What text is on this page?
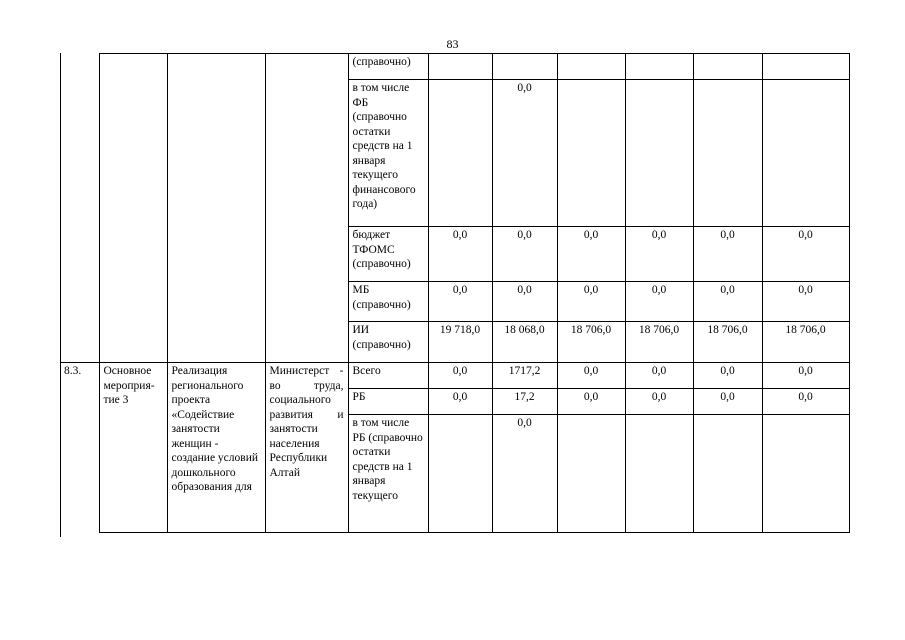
83
				(справочно)						
				в том числе ФБ (справочно остатки средств на 1 января текущего финансового года)		0,0				
				бюджет ТФОМС (справочно)	0,0	0,0	0,0	0,0	0,0	0,0
				МБ (справочно)	0,0	0,0	0,0	0,0	0,0	0,0
				ИИ (справочно)	19 718,0	18 068,0	18 706,0	18 706,0	18 706,0	18 706,0
8.3.	Основное мероприя-тие 3	Реализация регионального проекта «Содействие занятости женщин - создание условий дошкольного образования для	Министерст - во труда, социального развития и занятости населения Республики Алтай	Всего	0,0	1717,2	0,0	0,0	0,0	0,0
				РБ	0,0	17,2	0,0	0,0	0,0	0,0
				в том числе РБ (справочно остатки средств на 1 января текущего		0,0				
